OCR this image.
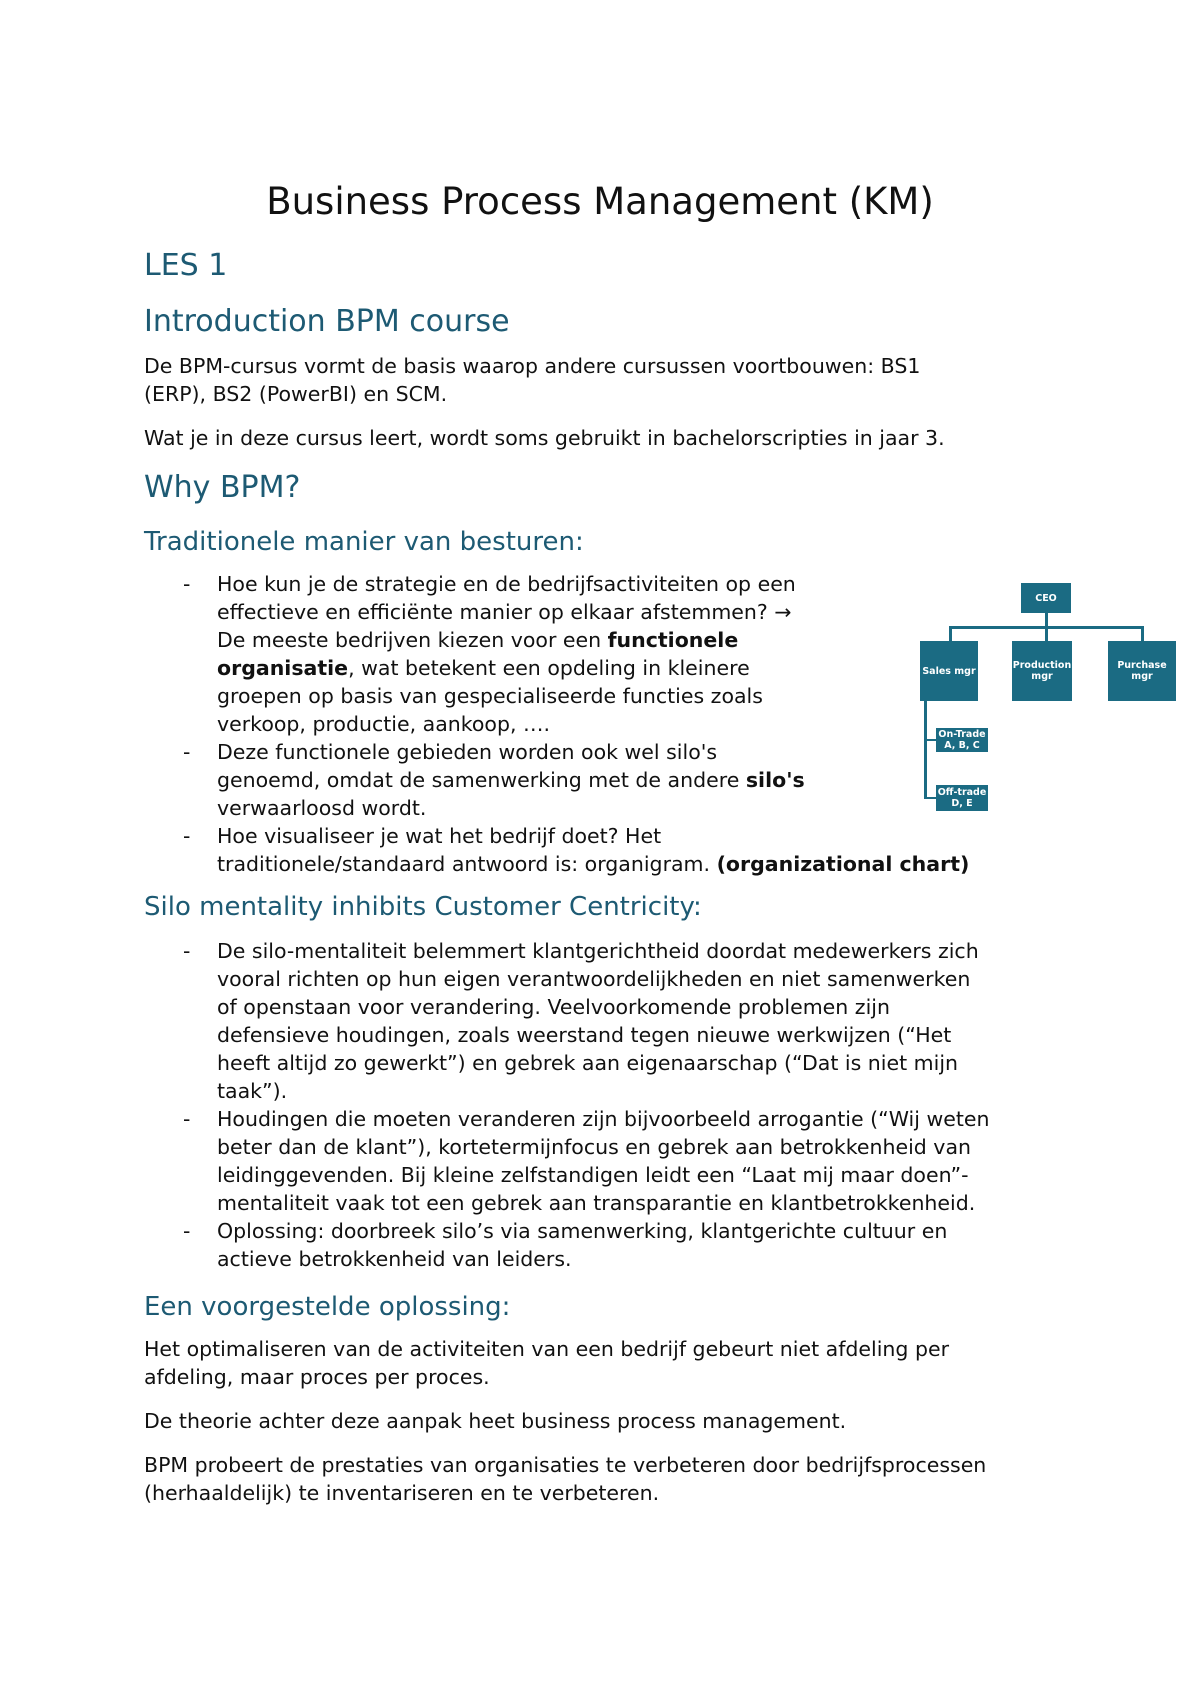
Business Process Management (KM)
LES 1
Introduction BPM course

De BPM-cursus vormt de basis waarop andere cursussen voortbouwen: BS1
(ERP), BS2 (PowerBI) en SCM.

Wat je in deze cursus leert, wordt soms gebruikt in bachelorscripties in jaar 3.

Why BPM?
Traditionele manier van besturen:
- Hoe kun je de strategie en de bedrijfsactiviteiten op een
effectieve en efficiënte manier op elkaar afstemmen? →
De meeste bedrijven kiezen voor een functionele
organisatie, wat betekent een opdeling in kleinere
groepen op basis van gespecialiseerde functies zoals
verkoop, productie, aankoop, ….
- Deze functionele gebieden worden ook wel silo's
genoemd, omdat de samenwerking met de andere silo's
verwaarloosd wordt.
- Hoe visualiseer je wat het bedrijf doet? Het
traditionele/standaard antwoord is: organigram. (organizational chart)
CEO
Sales mgr	Production mgr
Purchase mgr
On-Trade A, B, C
Off-trade D, E
Silo mentality inhibits Customer Centricity:
- De silo-mentaliteit belemmert klantgerichtheid doordat medewerkers zich
vooral richten op hun eigen verantwoordelijkheden en niet samenwerken
of openstaan voor verandering. Veelvoorkomende problemen zijn
defensieve houdingen, zoals weerstand tegen nieuwe werkwijzen (“Het
heeft altijd zo gewerkt”) en gebrek aan eigenaarschap (“Dat is niet mijn
taak”).
- Houdingen die moeten veranderen zijn bijvoorbeeld arrogantie (“Wij weten
beter dan de klant”), kortetermijnfocus en gebrek aan betrokkenheid van
leidinggevenden. Bij kleine zelfstandigen leidt een “Laat mij maar doen”-
mentaliteit vaak tot een gebrek aan transparantie en klantbetrokkenheid.
- Oplossing: doorbreek silo’s via samenwerking, klantgerichte cultuur en
actieve betrokkenheid van leiders.
Een voorgestelde oplossing:

Het optimaliseren van de activiteiten van een bedrijf gebeurt niet afdeling per
afdeling, maar proces per proces.

De theorie achter deze aanpak heet business process management.

BPM probeert de prestaties van organisaties te verbeteren door bedrijfsprocessen
(herhaaldelijk) te inventariseren en te verbeteren.
